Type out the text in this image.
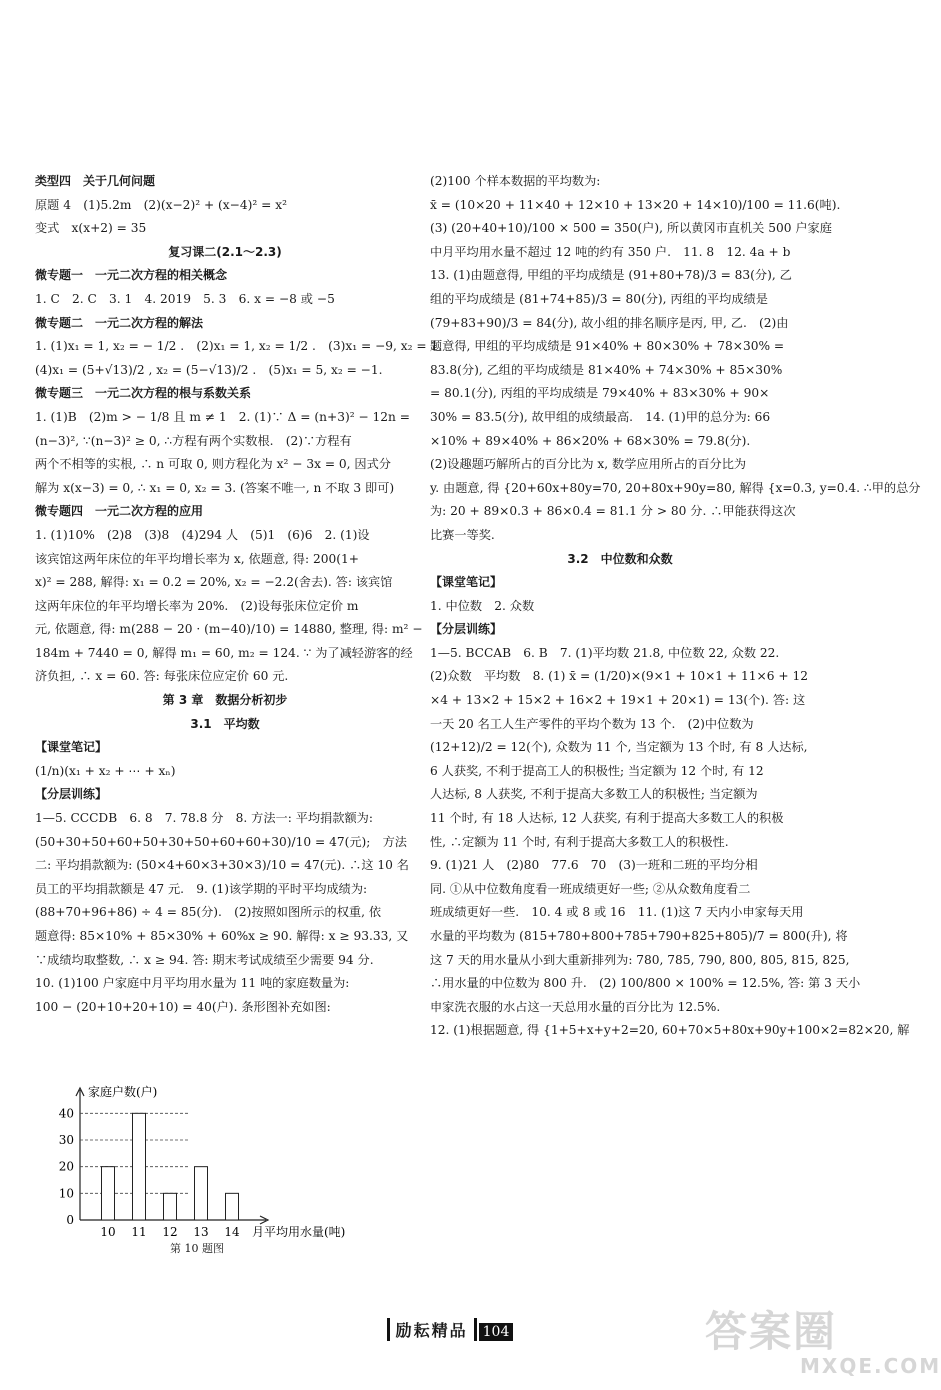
类型四　关于几何问题
原题 4　(1)5.2m　(2)(x−2)² + (x−4)² = x²
变式　x(x+2) = 35
复习课二(2.1～2.3)
微专题一　一元二次方程的相关概念
1. C　2. C　3. 1　4. 2019　5. 3　6. x = −8 或 −5
微专题二　一元二次方程的解法
1. (1)x₁ = 1, x₂ = − 1/2 .　(2)x₁ = 1, x₂ = 1/2 .　(3)x₁ = −9, x₂ = 1.
(4)x₁ = (5+√13)/2 , x₂ = (5−√13)/2 .　(5)x₁ = 5, x₂ = −1.
微专题三　一元二次方程的根与系数关系
1. (1)B　(2)m > − 1/8 且 m ≠ 1　2. (1)∵ Δ = (n+3)² − 12n =
(n−3)², ∵(n−3)² ≥ 0, ∴方程有两个实数根.　(2)∵方程有
两个不相等的实根, ∴ n 可取 0, 则方程化为 x² − 3x = 0, 因式分
解为 x(x−3) = 0, ∴ x₁ = 0, x₂ = 3. (答案不唯一, n 不取 3 即可)
微专题四　一元二次方程的应用
1. (1)10%　(2)8　(3)8　(4)294 人　(5)1　(6)6　2. (1)设
该宾馆这两年床位的年平均增长率为 x, 依题意, 得: 200(1+
x)² = 288, 解得: x₁ = 0.2 = 20%, x₂ = −2.2(舍去). 答: 该宾馆
这两年床位的年平均增长率为 20%.　(2)设每张床位定价 m
元, 依题意, 得: m(288 − 20 · (m−40)/10) = 14880, 整理, 得: m² −
184m + 7440 = 0, 解得 m₁ = 60, m₂ = 124. ∵ 为了减轻游客的经
济负担, ∴ x = 60. 答: 每张床位应定价 60 元.
第 3 章　数据分析初步
3.1　平均数
【课堂笔记】
(1/n)(x₁ + x₂ + ⋯ + xₙ)
【分层训练】
1—5. CCCDB　6. 8　7. 78.8 分　8. 方法一: 平均捐款额为:
(50+30+50+60+50+30+50+60+60+30)/10 = 47(元);　方法
二: 平均捐款额为: (50×4+60×3+30×3)/10 = 47(元). ∴这 10 名
员工的平均捐款额是 47 元.　9. (1)该学期的平时平均成绩为:
(88+70+96+86) ÷ 4 = 85(分).　(2)按照如图所示的权重, 依
题意得: 85×10% + 85×30% + 60%x ≥ 90. 解得: x ≥ 93.33, 又
∵成绩均取整数, ∴ x ≥ 94. 答: 期末考试成绩至少需要 94 分.
10. (1)100 户家庭中月平均用水量为 11 吨的家庭数量为:
100 − (20+10+20+10) = 40(户). 条形图补充如图:
(2)100 个样本数据的平均数为:
x̄ = (10×20 + 11×40 + 12×10 + 13×20 + 14×10)/100 = 11.6(吨).
(3) (20+40+10)/100 × 500 = 350(户), 所以黄冈市直机关 500 户家庭
中月平均用水量不超过 12 吨的约有 350 户.　11. 8　12. 4a + b
13. (1)由题意得, 甲组的平均成绩是 (91+80+78)/3 = 83(分), 乙
组的平均成绩是 (81+74+85)/3 = 80(分), 丙组的平均成绩是
(79+83+90)/3 = 84(分), 故小组的排名顺序是丙, 甲, 乙.　(2)由
题意得, 甲组的平均成绩是 91×40% + 80×30% + 78×30% =
83.8(分), 乙组的平均成绩是 81×40% + 74×30% + 85×30%
= 80.1(分), 丙组的平均成绩是 79×40% + 83×30% + 90×
30% = 83.5(分), 故甲组的成绩最高.　14. (1)甲的总分为: 66
×10% + 89×40% + 86×20% + 68×30% = 79.8(分).
(2)设趣题巧解所占的百分比为 x, 数学应用所占的百分比为
y. 由题意, 得 {20+60x+80y=70, 20+80x+90y=80, 解得 {x=0.3, y=0.4. ∴甲的总分
为: 20 + 89×0.3 + 86×0.4 = 81.1 分 > 80 分. ∴甲能获得这次
比赛一等奖.
3.2　中位数和众数
【课堂笔记】
1. 中位数　2. 众数
【分层训练】
1—5. BCCAB　6. B　7. (1)平均数 21.8, 中位数 22, 众数 22.
(2)众数　平均数　8. (1) x̄ = (1/20)×(9×1 + 10×1 + 11×6 + 12
×4 + 13×2 + 15×2 + 16×2 + 19×1 + 20×1) = 13(个). 答: 这
一天 20 名工人生产零件的平均个数为 13 个.　(2)中位数为
(12+12)/2 = 12(个), 众数为 11 个, 当定额为 13 个时, 有 8 人达标,
6 人获奖, 不利于提高工人的积极性; 当定额为 12 个时, 有 12
人达标, 8 人获奖, 不利于提高大多数工人的积极性; 当定额为
11 个时, 有 18 人达标, 12 人获奖, 有利于提高大多数工人的积极
性, ∴定额为 11 个时, 有利于提高大多数工人的积极性.
9. (1)21 人　(2)80　77.6　70　(3)一班和二班的平均分相
同. ①从中位数角度看一班成绩更好一些; ②从众数角度看二
班成绩更好一些.　10. 4 或 8 或 16　11. (1)这 7 天内小申家每天用
水量的平均数为 (815+780+800+785+790+825+805)/7 = 800(升), 将
这 7 天的用水量从小到大重新排列为: 780, 785, 790, 800, 805, 815, 825,
∴用水量的中位数为 800 升.　(2) 100/800 × 100% = 12.5%, 答: 第 3 天小
申家洗衣服的水占这一天总用水量的百分比为 12.5%.
12. (1)根据题意, 得 {1+5+x+y+2=20, 60+70×5+80x+90y+100×2=82×20, 解
0
10
20
30
40
10 11 12 13 14
家庭户数(户)
月平均用水量(吨)
第 10 题图
励耘精品 104	答案圈
MXQE.COM
